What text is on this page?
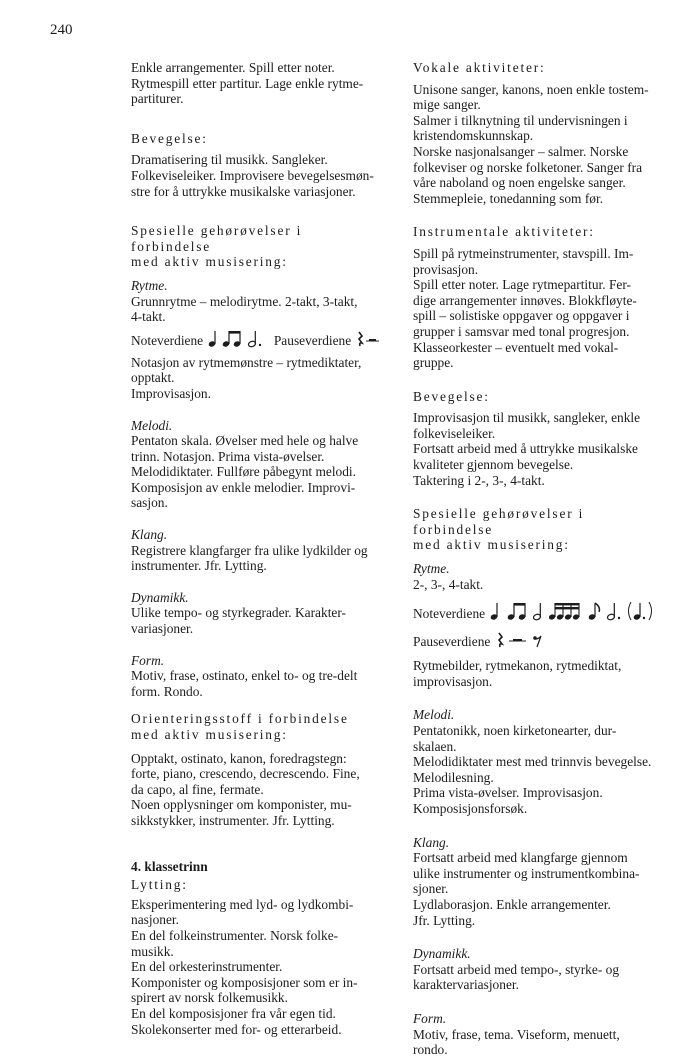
240

Enkle arrangementer. Spill etter noter.
Rytmespill etter partitur. Lage enkle rytme-
partiturer.

Bevegelse:

Dramatisering til musikk. Sangleker.
Folkeviseleiker. Improvisere bevegelsesmøn-
stre for å uttrykke musikalske variasjoner.

Spesielle gehørøvelser i forbindelse
med aktiv musisering:

Rytme.

Grunnrytme – melodirytme. 2-takt, 3-takt,
4-takt.

Noteverdiene	Pauseverdiene

Notasjon av rytmemønstre – rytmediktater,
opptakt.
Improvisasjon.

Melodi.

Pentaton skala. Øvelser med hele og halve
trinn. Notasjon. Prima vista-øvelser.
Melodidiktater. Fullføre påbegynt melodi.
Komposisjon av enkle melodier. Improvi-
sasjon.

Klang.

Registrere klangfarger fra ulike lydkilder og
instrumenter. Jfr. Lytting.

Dynamikk.

Ulike tempo- og styrkegrader. Karakter-
variasjoner.

Form.

Motiv, frase, ostinato, enkel to- og tre-delt
form. Rondo.

Orienteringsstoff i forbindelse
med aktiv musisering:

Opptakt, ostinato, kanon, foredragstegn:
forte, piano, crescendo, decrescendo. Fine,
da capo, al fine, fermate.
Noen opplysninger om komponister, mu-
sikkstykker, instrumenter. Jfr. Lytting.

4. klassetrinn

Lytting:

Eksperimentering med lyd- og lydkombi-
nasjoner.
En del folkeinstrumenter. Norsk folke-
musikk.
En del orkesterinstrumenter.
Komponister og komposisjoner som er in-
spirert av norsk folkemusikk.
En del komposisjoner fra vår egen tid.
Skolekonserter med for- og etterarbeid.

Vokale aktiviteter:

Unisone sanger, kanons, noen enkle tostem-
mige sanger.
Salmer i tilknytning til undervisningen i
kristendomskunnskap.
Norske nasjonalsanger – salmer. Norske
folkeviser og norske folketoner. Sanger fra
våre naboland og noen engelske sanger.
Stemmepleie, tonedanning som før.

Instrumentale aktiviteter:

Spill på rytmeinstrumenter, stavspill. Im-
provisasjon.
Spill etter noter. Lage rytmepartitur. Fer-
dige arrangementer innøves. Blokkfløyte-
spill – solistiske oppgaver og oppgaver i
grupper i samsvar med tonal progresjon.
Klasseorkester – eventuelt med vokal-
gruppe.

Bevegelse:

Improvisasjon til musikk, sangleker, enkle
folkeviseleiker.
Fortsatt arbeid med å uttrykke musikalske
kvaliteter gjennom bevegelse.
Taktering i 2-, 3-, 4-takt.

Spesielle gehørøvelser i forbindelse
med aktiv musisering:

Rytme.

2-, 3-, 4-takt.

Noteverdiene

Pauseverdiene

Rytmebilder, rytmekanon, rytmediktat,
improvisasjon.

Melodi.

Pentatonikk, noen kirketonearter, dur-
skalaen.
Melodidiktater mest med trinnvis bevegelse.
Melodilesning.
Prima vista-øvelser. Improvisasjon.
Komposisjonsforsøk.

Klang.

Fortsatt arbeid med klangfarge gjennom
ulike instrumenter og instrumentkombina-
sjoner.
Lydlaborasjon. Enkle arrangementer.
Jfr. Lytting.

Dynamikk.

Fortsatt arbeid med tempo-, styrke- og
karaktervariasjoner.

Form.

Motiv, frase, tema. Viseform, menuett,
rondo.
